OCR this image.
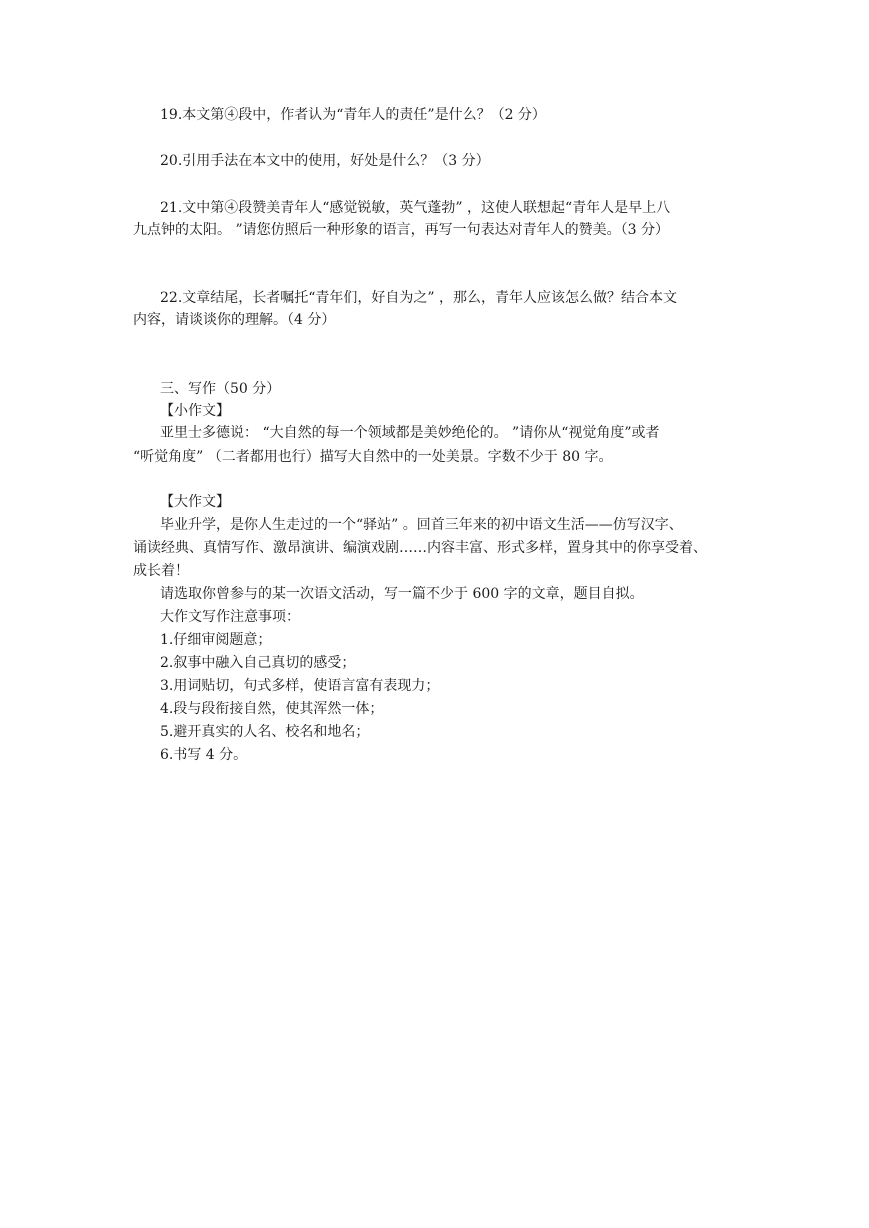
19.本文第④段中，作者认为“青年人的责任”是什么？（2 分）
20.引用手法在本文中的使用，好处是什么？（3 分）
21.文中第④段赞美青年人“感觉锐敏，英气蓬勃” ，这使人联想起“青年人是早上八
九点钟的太阳。 ”请您仿照后一种形象的语言，再写一句表达对青年人的赞美。（3 分）
22.文章结尾，长者嘱托“青年们，好自为之” ，那么，青年人应该怎么做？结合本文
内容，请谈谈你的理解。（4 分）
三、写作（50 分）
【小作文】
亚里士多德说： “大自然的每一个领域都是美妙绝伦的。 ”请你从“视觉角度”或者
“听觉角度” （二者都用也行）描写大自然中的一处美景。字数不少于 80 字。
【大作文】
毕业升学，是你人生走过的一个“驿站” 。回首三年来的初中语文生活——仿写汉字、
诵读经典、真情写作、激昂演讲、编演戏剧……内容丰富、形式多样，置身其中的你享受着、
成长着！
请选取你曾参与的某一次语文活动，写一篇不少于 600 字的文章，题目自拟。
大作文写作注意事项：
1.仔细审阅题意；
2.叙事中融入自己真切的感受；
3.用词贴切，句式多样，使语言富有表现力；
4.段与段衔接自然，使其浑然一体；
5.避开真实的人名、校名和地名；
6.书写 4 分。
